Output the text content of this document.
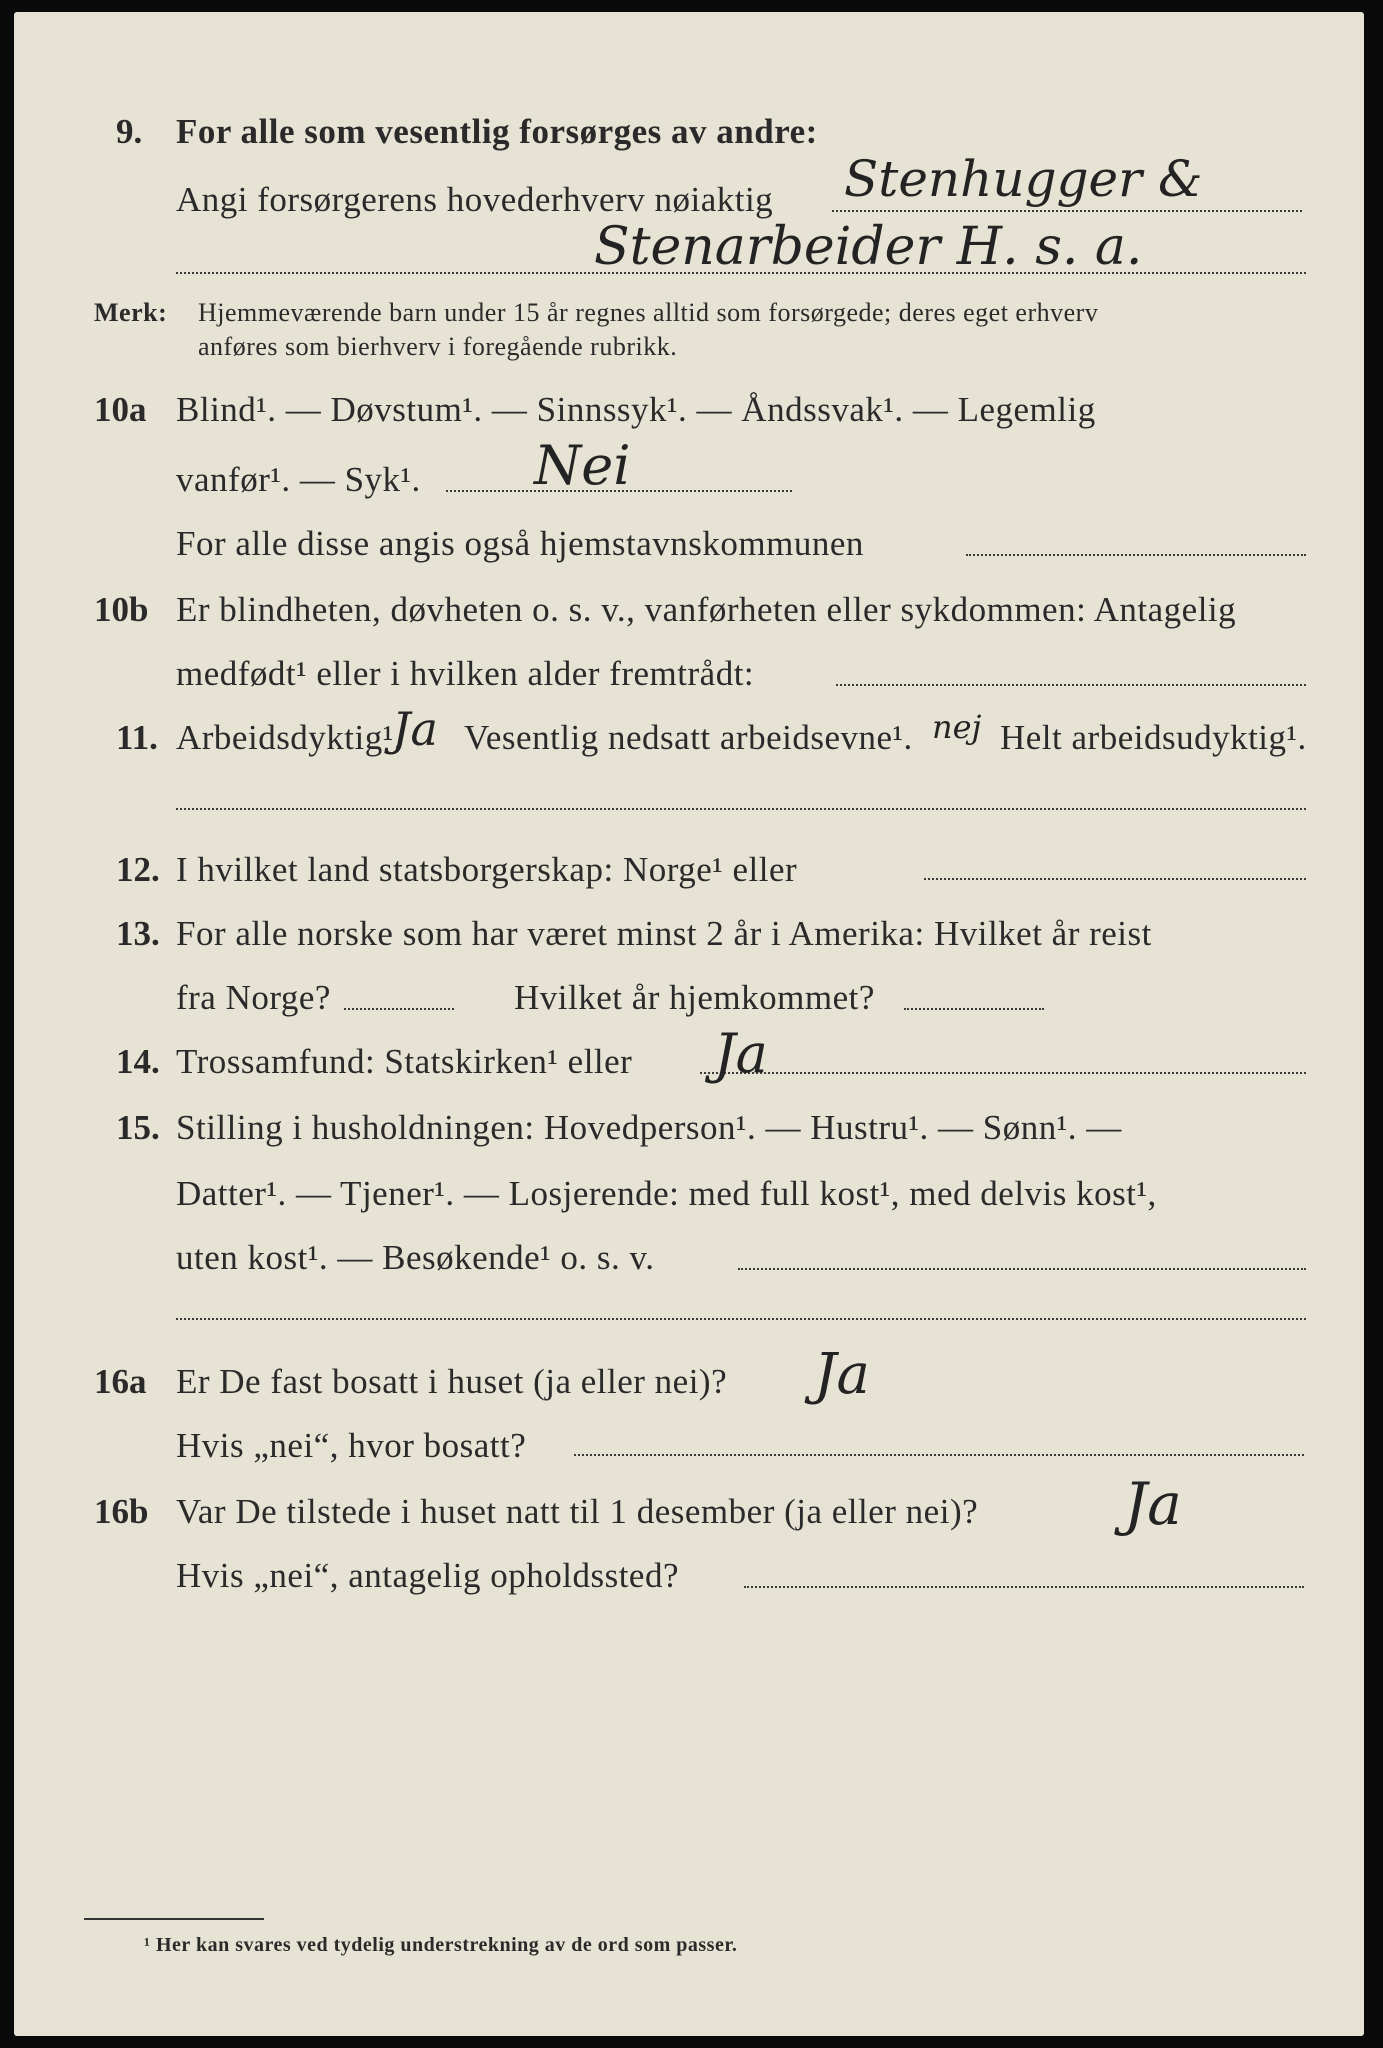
9. For alle som vesentlig forsørges av andre:
Angi forsørgerens hovederhverv nøiaktig Stenhugger &
Stenarbeider H. s. a.
Merk: Hjemmeværende barn under 15 år regnes alltid som forsørgede; deres eget erhverv
anføres som bierhverv i foregående rubrikk.
10a Blind¹. — Døvstum¹. — Sinnssyk¹. — Åndssvak¹. — Legemlig
vanfør¹. — Syk¹. Nei
For alle disse angis også hjemstavnskommunen
10b Er blindheten, døvheten o. s. v., vanførheten eller sykdommen: Antagelig
medfødt¹ eller i hvilken alder fremtrådt:
11. Arbeidsdyktig¹.
Ja Vesentlig nedsatt arbeidsevne¹. nej Helt arbeidsudyktig¹.
12. I hvilket land statsborgerskap: Norge¹ eller
13. For alle norske som har været minst 2 år i Amerika: Hvilket år reist
fra Norge?	Hvilket år hjemkommet?
14. Trossamfund: Statskirken¹ eller Ja
15. Stilling i husholdningen: Hovedperson¹. — Hustru¹. — Sønn¹. —
Datter¹. — Tjener¹. — Losjerende: med full kost¹, med delvis kost¹,
uten kost¹. — Besøkende¹ o. s. v.
16a Er De fast bosatt i huset (ja eller nei)? Ja
Hvis „nei“, hvor bosatt?
16b Var De tilstede i huset natt til 1 desember (ja eller nei)?	Ja
Hvis „nei“, antagelig opholdssted?
¹ Her kan svares ved tydelig understrekning av de ord som passer.
